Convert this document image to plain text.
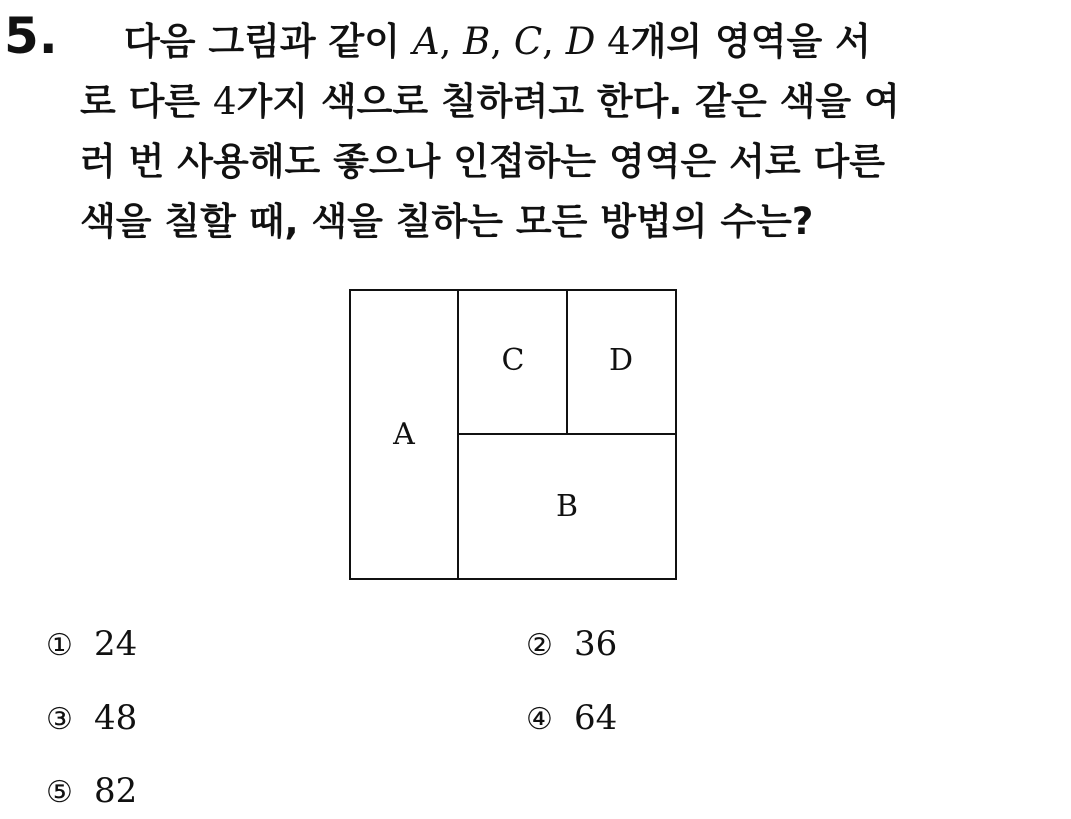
5.	다음 그림과 같이 A, B, C, D 4개의 영역을 서
로 다른 4가지 색으로 칠하려고 한다. 같은 색을 여
러 번 사용해도 좋으나 인접하는 영역은 서로 다른
색을 칠할 때, 색을 칠하는 모든 방법의 수는?
A
C	D
B
① 24	② 36
③ 48	④ 64
⑤ 82
